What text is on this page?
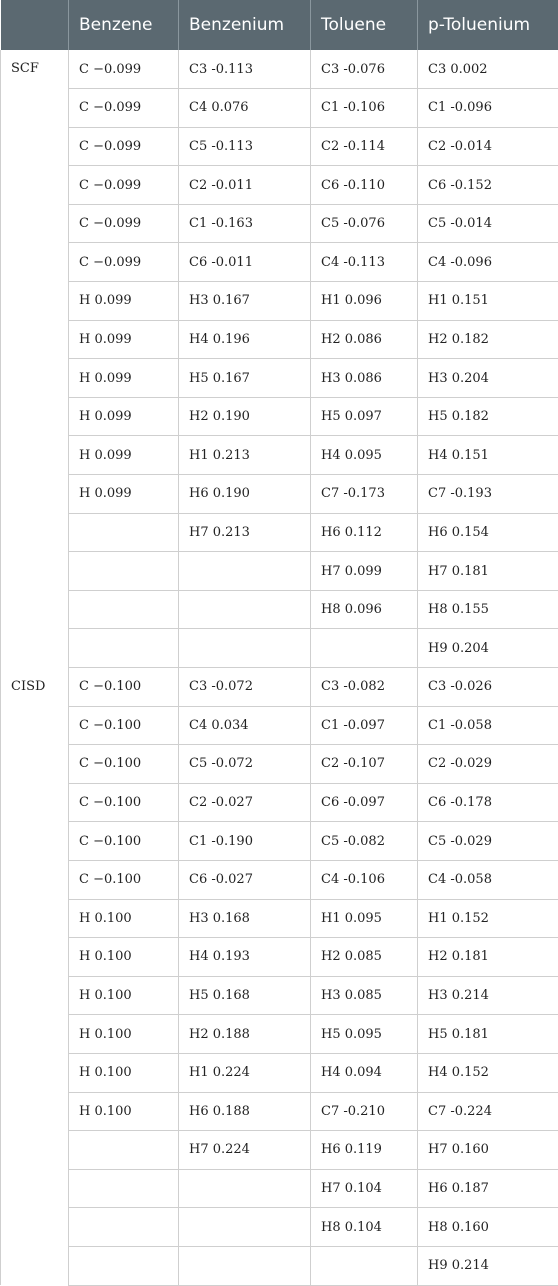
	Benzene	Benzenium	Toluene	p-Toluenium
SCF	C −0.099	C3 -0.113	C3 -0.076	C3 0.002
	C −0.099	C4 0.076	C1 -0.106	C1 -0.096
	C −0.099	C5 -0.113	C2 -0.114	C2 -0.014
	C −0.099	C2 -0.011	C6 -0.110	C6 -0.152
	C −0.099	C1 -0.163	C5 -0.076	C5 -0.014
	C −0.099	C6 -0.011	C4 -0.113	C4 -0.096
	H 0.099	H3 0.167	H1 0.096	H1 0.151
	H 0.099	H4 0.196	H2 0.086	H2 0.182
	H 0.099	H5 0.167	H3 0.086	H3 0.204
	H 0.099	H2 0.190	H5 0.097	H5 0.182
	H 0.099	H1 0.213	H4 0.095	H4 0.151
	H 0.099	H6 0.190	C7 -0.173	C7 -0.193
		H7 0.213	H6 0.112	H6 0.154
			H7 0.099	H7 0.181
			H8 0.096	H8 0.155
				H9 0.204
CISD	C −0.100	C3 -0.072	C3 -0.082	C3 -0.026
	C −0.100	C4 0.034	C1 -0.097	C1 -0.058
	C −0.100	C5 -0.072	C2 -0.107	C2 -0.029
	C −0.100	C2 -0.027	C6 -0.097	C6 -0.178
	C −0.100	C1 -0.190	C5 -0.082	C5 -0.029
	C −0.100	C6 -0.027	C4 -0.106	C4 -0.058
	H 0.100	H3 0.168	H1 0.095	H1 0.152
	H 0.100	H4 0.193	H2 0.085	H2 0.181
	H 0.100	H5 0.168	H3 0.085	H3 0.214
	H 0.100	H2 0.188	H5 0.095	H5 0.181
	H 0.100	H1 0.224	H4 0.094	H4 0.152
	H 0.100	H6 0.188	C7 -0.210	C7 -0.224
		H7 0.224	H6 0.119	H7 0.160
			H7 0.104	H6 0.187
			H8 0.104	H8 0.160
				H9 0.214
